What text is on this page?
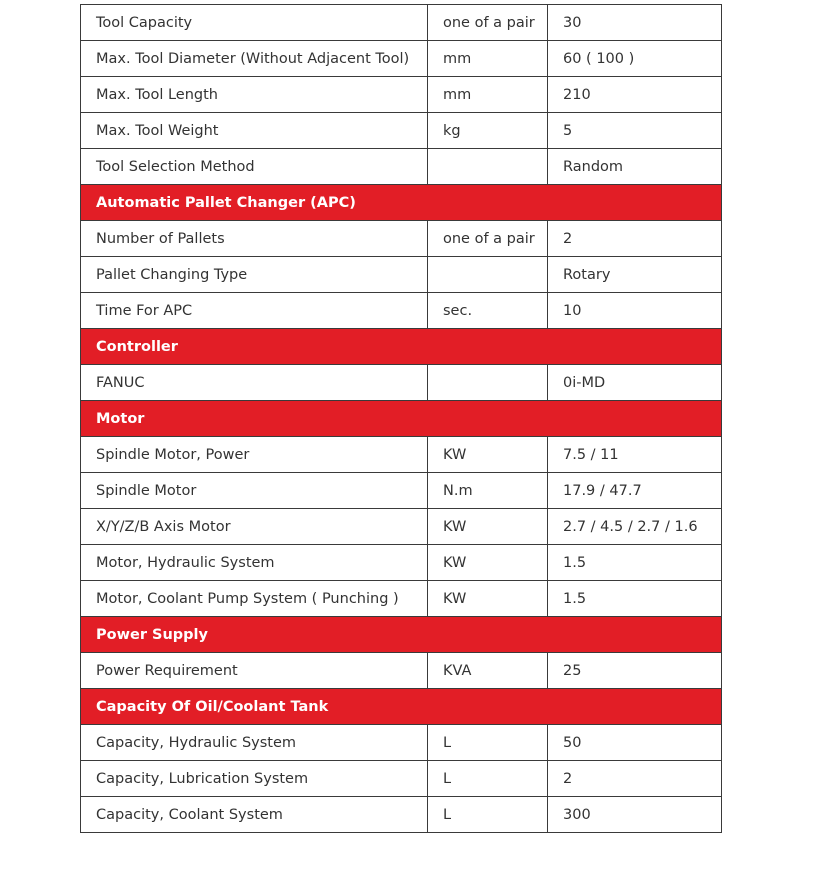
Tool Capacity	one of a pair	30
Max. Tool Diameter (Without Adjacent Tool)	mm	60 ( 100 )
Max. Tool Length	mm	210
Max. Tool Weight	kg	5
Tool Selection Method		Random
Automatic Pallet Changer (APC)		
Number of Pallets	one of a pair	2
Pallet Changing Type		Rotary
Time For APC	sec.	10
Controller		
FANUC		0i-MD
Motor		
Spindle Motor, Power	KW	7.5 / 11
Spindle Motor	N.m	17.9 / 47.7
X/Y/Z/B Axis Motor	KW	2.7 / 4.5 / 2.7 / 1.6
Motor, Hydraulic System	KW	1.5
Motor, Coolant Pump System ( Punching )	KW	1.5
Power Supply		
Power Requirement	KVA	25
Capacity Of Oil/Coolant Tank		
Capacity, Hydraulic System	L	50
Capacity, Lubrication System	L	2
Capacity, Coolant System	L	300
